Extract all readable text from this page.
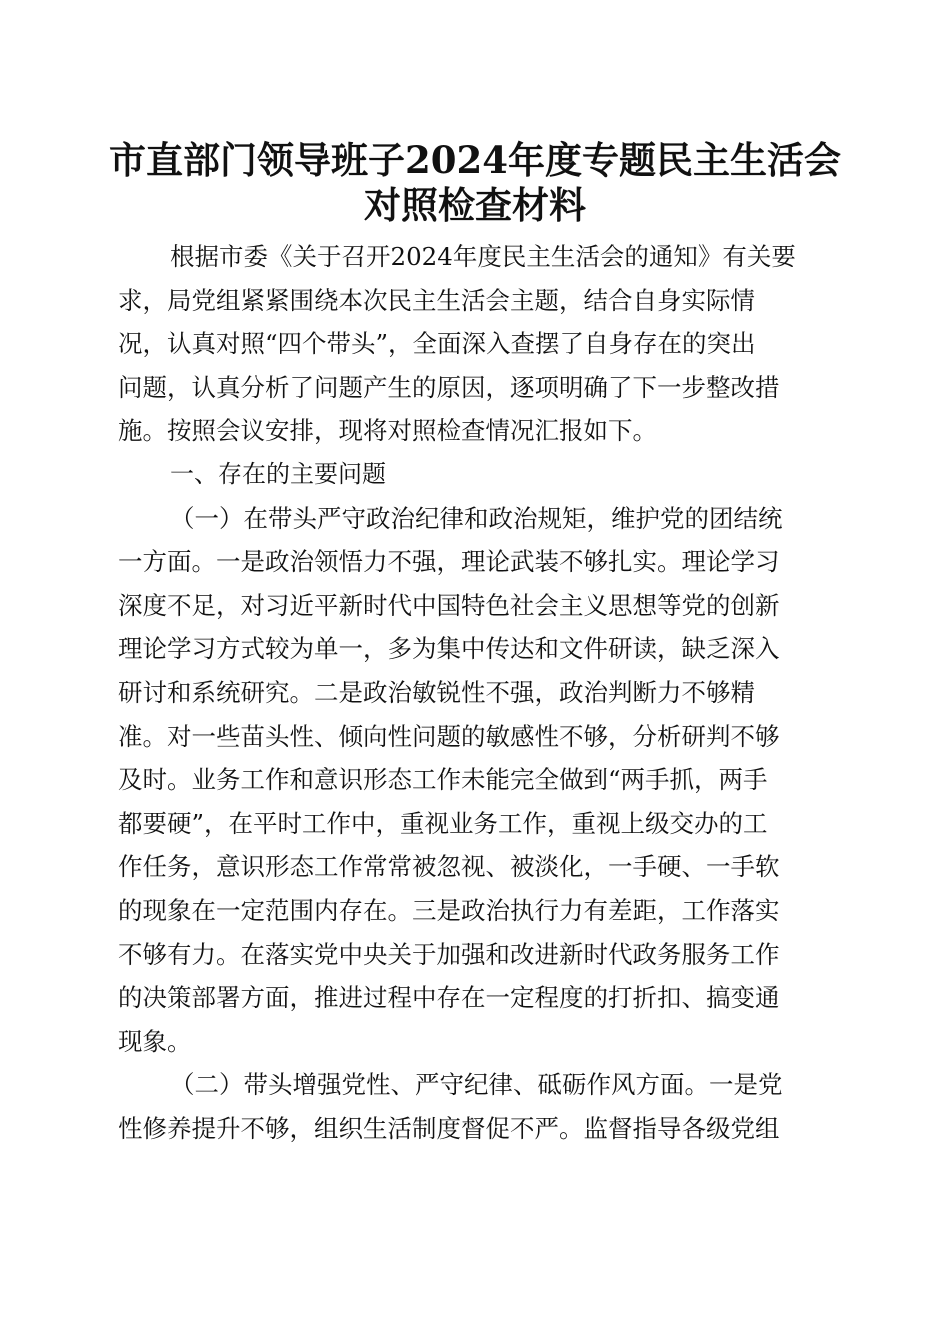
市直部门领导班子2024年度专题民主生活会
对照检查材料
根据市委《关于召开2024年度民主生活会的通知》有关要
求，局党组紧紧围绕本次民主生活会主题，结合自身实际情
况，认真对照“四个带头”，全面深入查摆了自身存在的突出
问题，认真分析了问题产生的原因，逐项明确了下一步整改措
施。按照会议安排，现将对照检查情况汇报如下。
一、存在的主要问题
（一）在带头严守政治纪律和政治规矩，维护党的团结统
一方面。一是政治领悟力不强，理论武装不够扎实。理论学习
深度不足，对习近平新时代中国特色社会主义思想等党的创新
理论学习方式较为单一，多为集中传达和文件研读，缺乏深入
研讨和系统研究。二是政治敏锐性不强，政治判断力不够精
准。对一些苗头性、倾向性问题的敏感性不够，分析研判不够
及时。业务工作和意识形态工作未能完全做到“两手抓，两手
都要硬”，在平时工作中，重视业务工作，重视上级交办的工
作任务，意识形态工作常常被忽视、被淡化，一手硬、一手软
的现象在一定范围内存在。三是政治执行力有差距，工作落实
不够有力。在落实党中央关于加强和改进新时代政务服务工作
的决策部署方面，推进过程中存在一定程度的打折扣、搞变通
现象。
（二）带头增强党性、严守纪律、砥砺作风方面。一是党
性修养提升不够，组织生活制度督促不严。监督指导各级党组
